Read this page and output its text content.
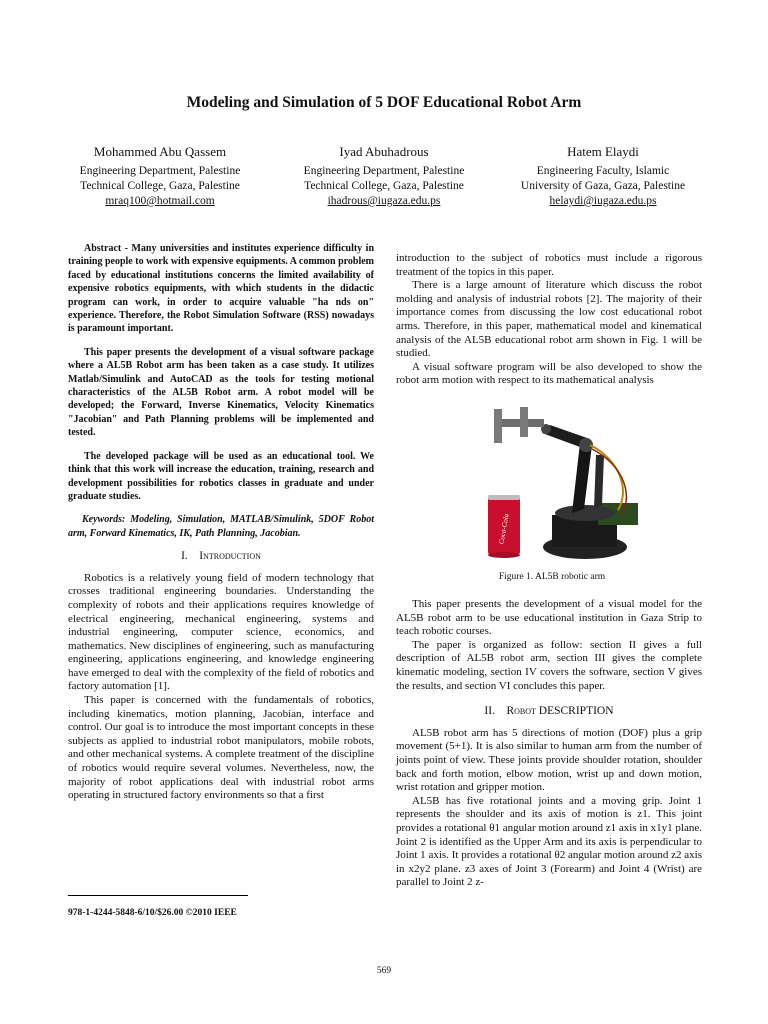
Modeling and Simulation of 5 DOF Educational Robot Arm
Mohammed Abu Qassem
Engineering Department, Palestine
Technical College, Gaza, Palestine
mraq100@hotmail.com
Iyad Abuhadrous
Engineering Department, Palestine
Technical College, Gaza, Palestine
ihadrous@iugaza.edu.ps
Hatem Elaydi
Engineering Faculty, Islamic
University of Gaza, Gaza, Palestine
helaydi@iugaza.edu.ps

Abstract - Many universities and institutes experience difficulty in training people to work with expensive equipments. A common problem faced by educational institutions concerns the limited availability of expensive robotics equipments, with which students in the didactic program can work, in order to acquire valuable "ha nds on" experience. Therefore, the Robot Simulation Software (RSS) nowadays is paramount important.

This paper presents the development of a visual software package where a AL5B Robot arm has been taken as a case study. It utilizes Matlab/Simulink and AutoCAD as the tools for testing motional characteristics of the AL5B Robot arm. A robot model will be developed; the Forward, Inverse Kinematics, Velocity Kinematics "Jacobian" and Path Planning problems will be implemented and tested.

The developed package will be used as an educational tool. We think that this work will increase the education, training, research and development possibilities for robotics classes in graduate and under graduate studies.

Keywords: Modeling, Simulation, MATLAB/Simulink, 5DOF Robot arm, Forward Kinematics, IK, Path Planning, Jacobian.

I. Introduction

Robotics is a relatively young field of modern technology that crosses traditional engineering boundaries. Understanding the complexity of robots and their applications requires knowledge of electrical engineering, mechanical engineering, systems and industrial engineering, computer science, economics, and mathematics. New disciplines of engineering, such as manufacturing engineering, applications engineering, and knowledge engineering have emerged to deal with the complexity of the field of robotics and factory automation [1].

This paper is concerned with the fundamentals of robotics, including kinematics, motion planning, Jacobian, interface and control. Our goal is to introduce the most important concepts in these subjects as applied to industrial robot manipulators, mobile robots, and other mechanical systems. A complete treatment of the discipline of robotics would require several volumes. Nevertheless, now, the majority of robot applications deal with industrial robot arms operating in structured factory environments so that a first

978-1-4244-5848-6/10/$26.00 ©2010 IEEE

introduction to the subject of robotics must include a rigorous treatment of the topics in this paper.

There is a large amount of literature which discuss the robot molding and analysis of industrial robots [2]. The majority of their importance comes from discussing the low cost educational robot arms. Therefore, in this paper, mathematical model and kinematical analysis of the AL5B educational robot arm shown in Fig. 1 will be studied.

A visual software program will be also developed to show the robot arm motion with respect to its mathematical analysis

Coca-Cola
Figure 1. AL5B robotic arm

This paper presents the development of a visual model for the AL5B robot arm to be use educational institution in Gaza Strip to teach robotic courses.

The paper is organized as follow: section II gives a full description of AL5B robot arm, section III gives the complete kinematic modeling, section IV covers the software, section V gives the results, and section VI concludes this paper.

II. Robot DESCRIPTION

AL5B robot arm has 5 directions of motion (DOF) plus a grip movement (5+1). It is also similar to human arm from the number of joints point of view. These joints provide shoulder rotation, shoulder back and forth motion, elbow motion, wrist up and down motion, wrist rotation and gripper motion.

AL5B has five rotational joints and a moving grip. Joint 1 represents the shoulder and its axis of motion is z1. This joint provides a rotational θ1 angular motion around z1 axis in x1y1 plane. Joint 2 is identified as the Upper Arm and its axis is perpendicular to Joint 1 axis. It provides a rotational θ2 angular motion around z2 axis in x2y2 plane. z3 axes of Joint 3 (Forearm) and Joint 4 (Wrist) are parallel to Joint 2 z-

569
